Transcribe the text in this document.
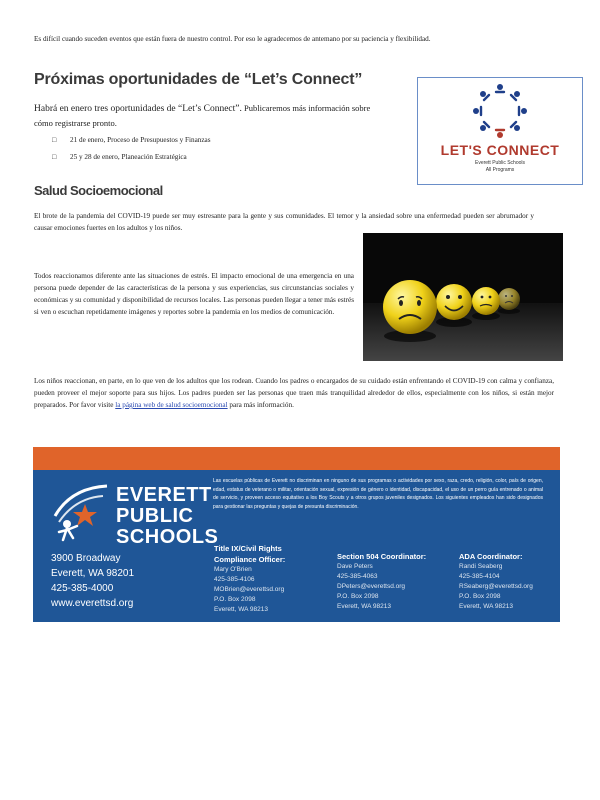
Es difícil cuando suceden eventos que están fuera de nuestro control. Por eso le agradecemos de antemano por su paciencia y flexibilidad.
Próximas oportunidades de “Let’s Connect”
Habrá en enero tres oportunidades de “Let’s Connect”. Publicaremos más información sobre cómo registrarse pronto.
□ 21 de enero, Proceso de Presupuestos y Finanzas
□ 25 y 28 de enero, Planeación Estratégica	LET'S CONNECT
Everett Public Schools
All Programs
Salud Socioemocional
El brote de la pandemia del COVID-19 puede ser muy estresante para la gente y sus comunidades. El temor y la ansiedad sobre una enfermedad pueden ser abrumador y causar emociones fuertes en los adultos y los niños.
Todos reaccionamos diferente ante las situaciones de estrés. El impacto emocional de una emergencia en una persona puede depender de las características de la persona y sus experiencias, sus circunstancias sociales y económicas y su comunidad y disponibilidad de recursos locales. Las personas pueden llegar a tener más estrés si ven o escuchan repetidamente imágenes y reportes sobre la pandemia en los medios de comunicación.
Los niños reaccionan, en parte, en lo que ven de los adultos que los rodean. Cuando los padres o encargados de su cuidado están enfrentando el COVID-19 con calma y confianza, pueden proveer el mejor soporte para sus hijos. Los padres pueden ser las personas que traen más tranquilidad alrededor de ellos, especialmente con los niños, si están mejor preparados. Por favor visite la página web de salud socioemocional para más información.
EVERETT
PUBLIC
SCHOOLS
3900 Broadway
Everett, WA 98201
425-385-4000
www.everettsd.org
Las escuelas públicas de Everett no discriminan en ninguno de sus programas o actividades por sexo, raza, credo, religión, color, país de origen, edad, estatus de veterano o militar, orientación sexual, expresión de género o identidad, discapacidad, el uso de un perro guía entrenado o animal de servicio, y proveen acceso equitativo a los Boy Scouts y a otros grupos juveniles designados. Los siguientes empleados han sido designados para gestionar las preguntas y quejas de presunta discriminación.
Title IX/Civil Rights
Compliance Officer:
Mary O'Brien
425-385-4106
MOBrien@everettsd.org
P.O. Box 2098
Everett, WA 98213
Section 504 Coordinator:
Dave Peters
425-385-4063
DPeters@everettsd.org
P.O. Box 2098
Everett, WA 98213
ADA Coordinator:
Randi Seaberg
425-385-4104
RSeaberg@everettsd.org
P.O. Box 2098
Everett, WA 98213
